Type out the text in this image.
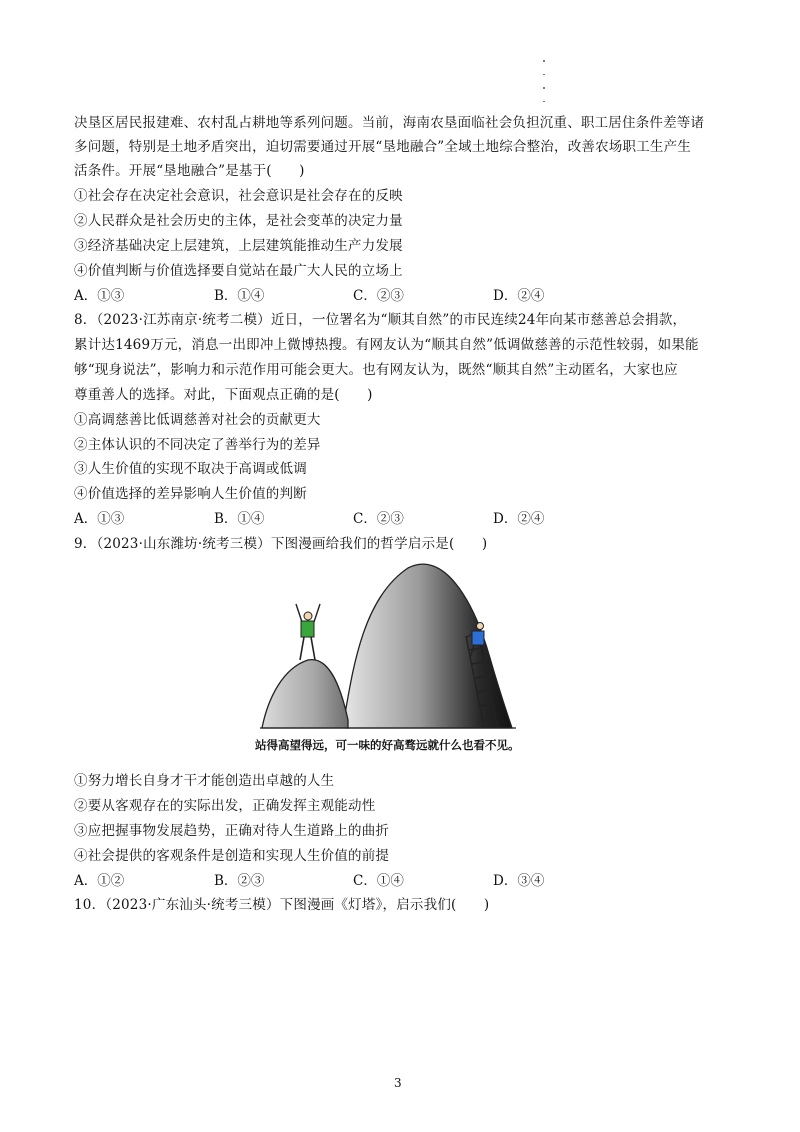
决垦区居民报建难、农村乱占耕地等系列问题。当前，海南农垦面临社会负担沉重、职工居住条件差等诸
多问题，特别是土地矛盾突出，迫切需要通过开展“垦地融合”全域土地综合整治，改善农场职工生产生
活条件。开展“垦地融合”是基于(　　)
①社会存在决定社会意识，社会意识是社会存在的反映
②人民群众是社会历史的主体，是社会变革的决定力量
③经济基础决定上层建筑，上层建筑能推动生产力发展
④价值判断与价值选择要自觉站在最广大人民的立场上
A．①③	B．①④	C．②③	D．②④
8．（2023·江苏南京·统考二模）近日，一位署名为“顺其自然”的市民连续24年向某市慈善总会捐款，
累计达1469万元，消息一出即冲上微博热搜。有网友认为“顺其自然”低调做慈善的示范性较弱，如果能
够“现身说法”，影响力和示范作用可能会更大。也有网友认为，既然“顺其自然”主动匿名，大家也应
尊重善人的选择。对此，下面观点正确的是(　　)
①高调慈善比低调慈善对社会的贡献更大
②主体认识的不同决定了善举行为的差异
③人生价值的实现不取决于高调或低调
④价值选择的差异影响人生价值的判断
A．①③	B．①④	C．②③	D．②④
9．（2023·山东潍坊·统考三模）下图漫画给我们的哲学启示是(　　)
站得高望得远，可一味的好高骛远就什么也看不见。
①努力增长自身才干才能创造出卓越的人生
②要从客观存在的实际出发，正确发挥主观能动性
③应把握事物发展趋势，正确对待人生道路上的曲折
④社会提供的客观条件是创造和实现人生价值的前提
A．①②	B．②③	C．①④	D．③④
10．（2023·广东汕头·统考三模）下图漫画《灯塔》，启示我们(　　)
3
